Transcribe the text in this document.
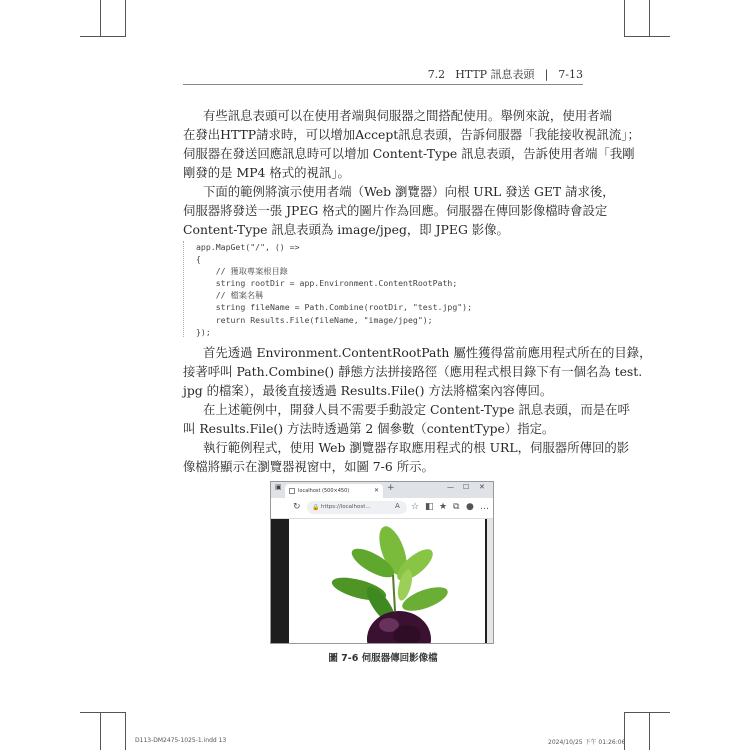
7.2 HTTP 訊息表頭 | 7-13

有些訊息表頭可以在使用者端與伺服器之間搭配使用。舉例來說，使用者端
在發出HTTP請求時，可以增加Accept訊息表頭，告訴伺服器「我能接收視訊流」；
伺服器在發送回應訊息時可以增加 Content-Type 訊息表頭，告訴使用者端「我剛
剛發的是 MP4 格式的視訊」。

下面的範例將演示使用者端（Web 瀏覽器）向根 URL 發送 GET 請求後，
伺服器將發送一張 JPEG 格式的圖片作為回應。伺服器在傳回影像檔時會設定
Content-Type 訊息表頭為 image/jpeg，即 JPEG 影像。

app.MapGet("/", () =>
{
// 獲取專案根目錄
string rootDir = app.Environment.ContentRootPath;
// 檔案名稱
string fileName = Path.Combine(rootDir, "test.jpg");
return Results.File(fileName, "image/jpeg");
});

首先透過 Environment.ContentRootPath 屬性獲得當前應用程式所在的目錄，
接著呼叫 Path.Combine() 靜態方法拼接路徑（應用程式根目錄下有一個名為 test.
jpg 的檔案），最後直接透過 Results.File() 方法將檔案內容傳回。

在上述範例中，開發人員不需要手動設定 Content-Type 訊息表頭，而是在呼
叫 Results.File() 方法時透過第 2 個參數（contentType）指定。

執行範例程式，使用 Web 瀏覽器存取應用程式的根 URL，伺服器所傳回的影
像檔將顯示在瀏覽器視窗中，如圖 7-6 所示。

▣	localhost (500×450)	✕ +	— ☐ ✕
↻ 🔒 https://localhost...	A ☆ ◧ ★ ⧉ ● …
圖 7-6 伺服器傳回影像檔
D113-DM2475-1025-1.indd 13	2024/10/25 下午 01:26:06
